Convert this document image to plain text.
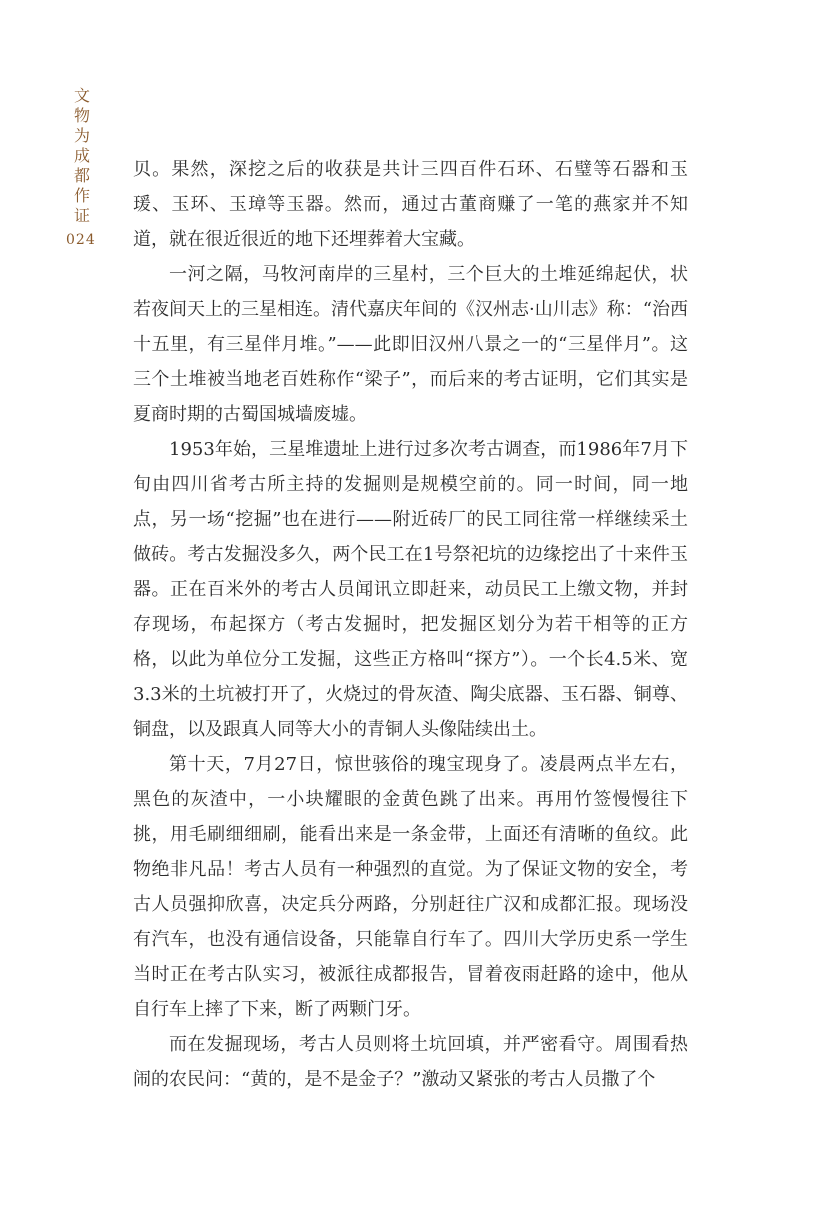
文物为成都作证
024

贝。果然，深挖之后的收获是共计三四百件石环、石璧等石器和玉瑗、玉环、玉璋等玉器。然而，通过古董商赚了一笔的燕家并不知道，就在很近很近的地下还埋葬着大宝藏。

一河之隔，马牧河南岸的三星村，三个巨大的土堆延绵起伏，状若夜间天上的三星相连。清代嘉庆年间的《汉州志·山川志》称：“治西十五里，有三星伴月堆。”——此即旧汉州八景之一的“三星伴月”。这三个土堆被当地老百姓称作“梁子”，而后来的考古证明，它们其实是夏商时期的古蜀国城墙废墟。

1953年始，三星堆遗址上进行过多次考古调查，而1986年7月下旬由四川省考古所主持的发掘则是规模空前的。同一时间，同一地点，另一场“挖掘”也在进行——附近砖厂的民工同往常一样继续采土做砖。考古发掘没多久，两个民工在1号祭祀坑的边缘挖出了十来件玉器。正在百米外的考古人员闻讯立即赶来，动员民工上缴文物，并封存现场，布起探方（考古发掘时，把发掘区划分为若干相等的正方格，以此为单位分工发掘，这些正方格叫“探方”）。一个长4.5米、宽3.3米的土坑被打开了，火烧过的骨灰渣、陶尖底器、玉石器、铜尊、铜盘，以及跟真人同等大小的青铜人头像陆续出土。

第十天，7月27日，惊世骇俗的瑰宝现身了。凌晨两点半左右，黑色的灰渣中，一小块耀眼的金黄色跳了出来。再用竹签慢慢往下挑，用毛刷细细刷，能看出来是一条金带，上面还有清晰的鱼纹。此物绝非凡品！考古人员有一种强烈的直觉。为了保证文物的安全，考古人员强抑欣喜，决定兵分两路，分别赶往广汉和成都汇报。现场没有汽车，也没有通信设备，只能靠自行车了。四川大学历史系一学生当时正在考古队实习，被派往成都报告，冒着夜雨赶路的途中，他从自行车上摔了下来，断了两颗门牙。

而在发掘现场，考古人员则将土坑回填，并严密看守。周围看热闹的农民问：“黄的，是不是金子？”激动又紧张的考古人员撒了个
